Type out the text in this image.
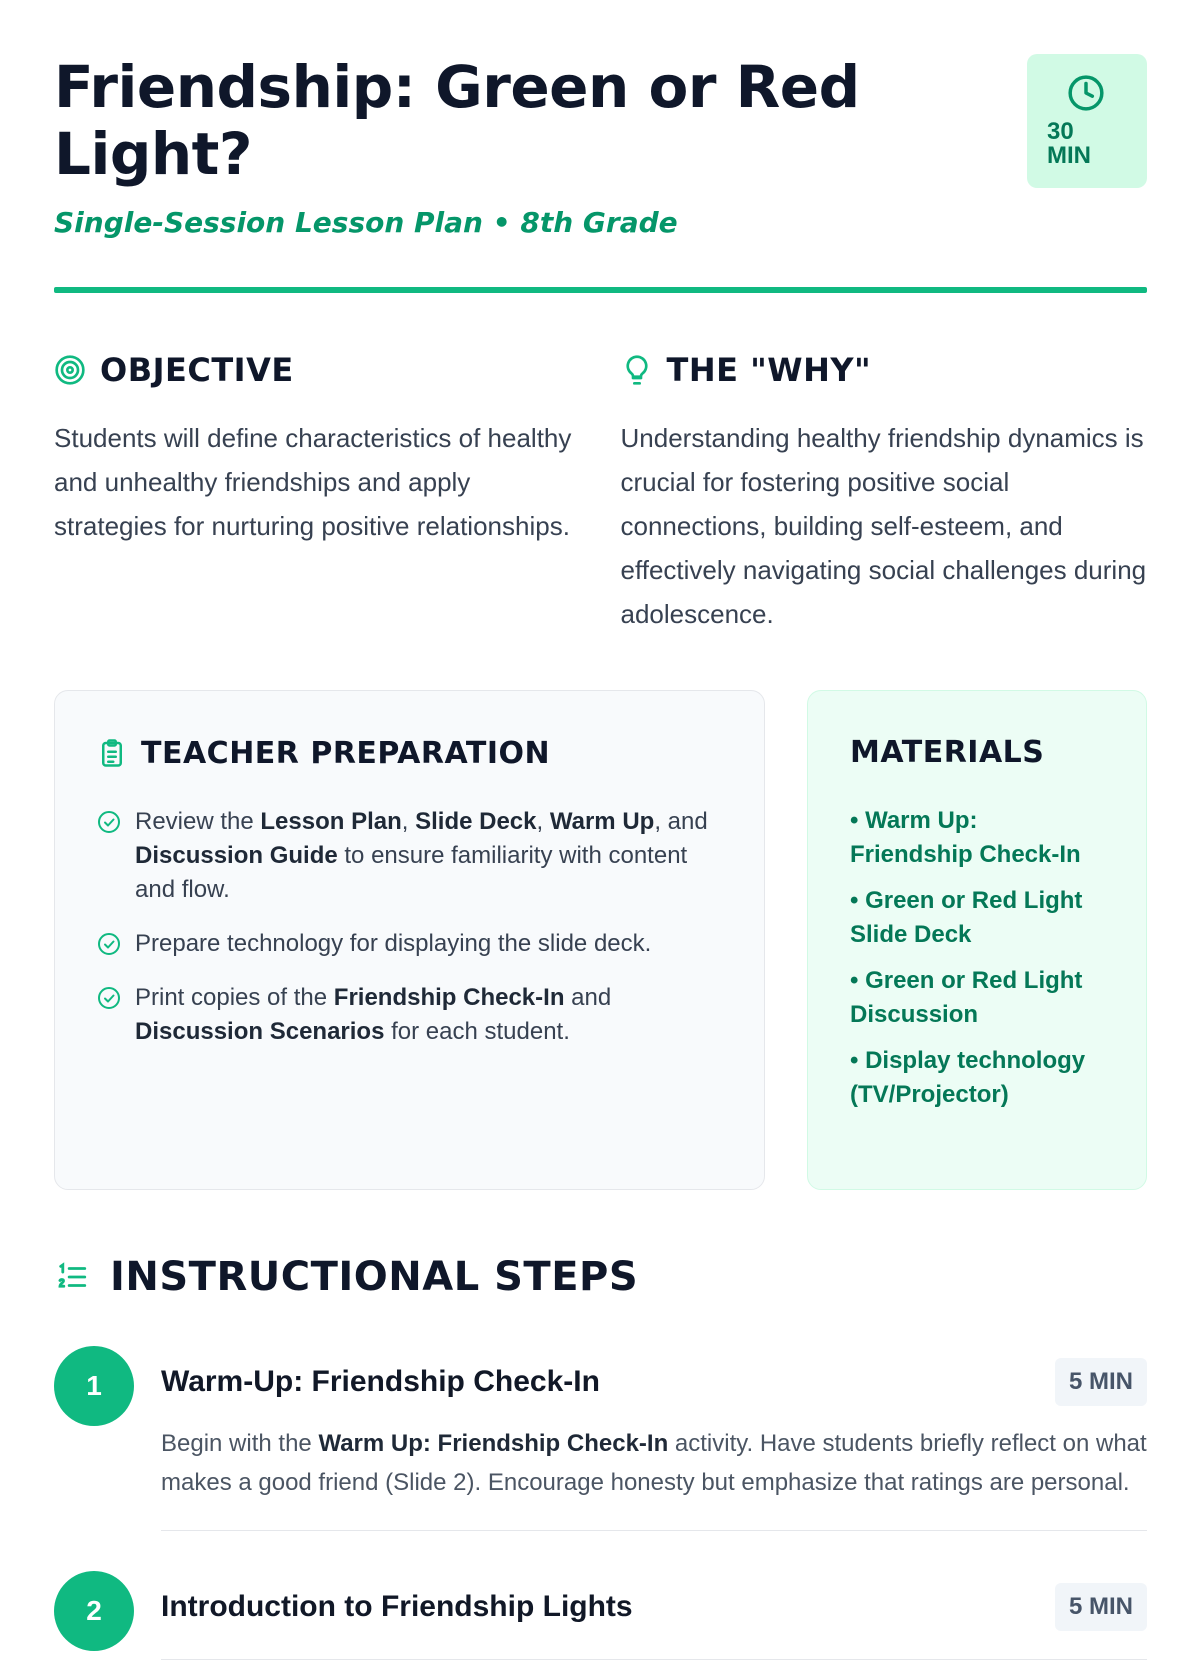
Friendship: Green or Red Light?
Single-Session Lesson Plan • 8th Grade
30 MIN
OBJECTIVE
Students will define characteristics of healthy and unhealthy friendships and apply strategies for nurturing positive relationships.
THE "WHY"
Understanding healthy friendship dynamics is crucial for fostering positive social connections, building self-esteem, and effectively navigating social challenges during adolescence.
TEACHER PREPARATION
Review the Lesson Plan, Slide Deck, Warm Up, and Discussion Guide to ensure familiarity with content and flow.
Prepare technology for displaying the slide deck.
Print copies of the Friendship Check-In and Discussion Scenarios for each student.
MATERIALS
• Warm Up: Friendship Check-In
• Green or Red Light Slide Deck
• Green or Red Light Discussion
• Display technology (TV/Projector)
INSTRUCTIONAL STEPS
1	Warm-Up: Friendship Check-In	5 MIN
Begin with the Warm Up: Friendship Check-In activity. Have students briefly reflect on what makes a good friend (Slide 2). Encourage honesty but emphasize that ratings are personal.
2	Introduction to Friendship Lights	5 MIN
